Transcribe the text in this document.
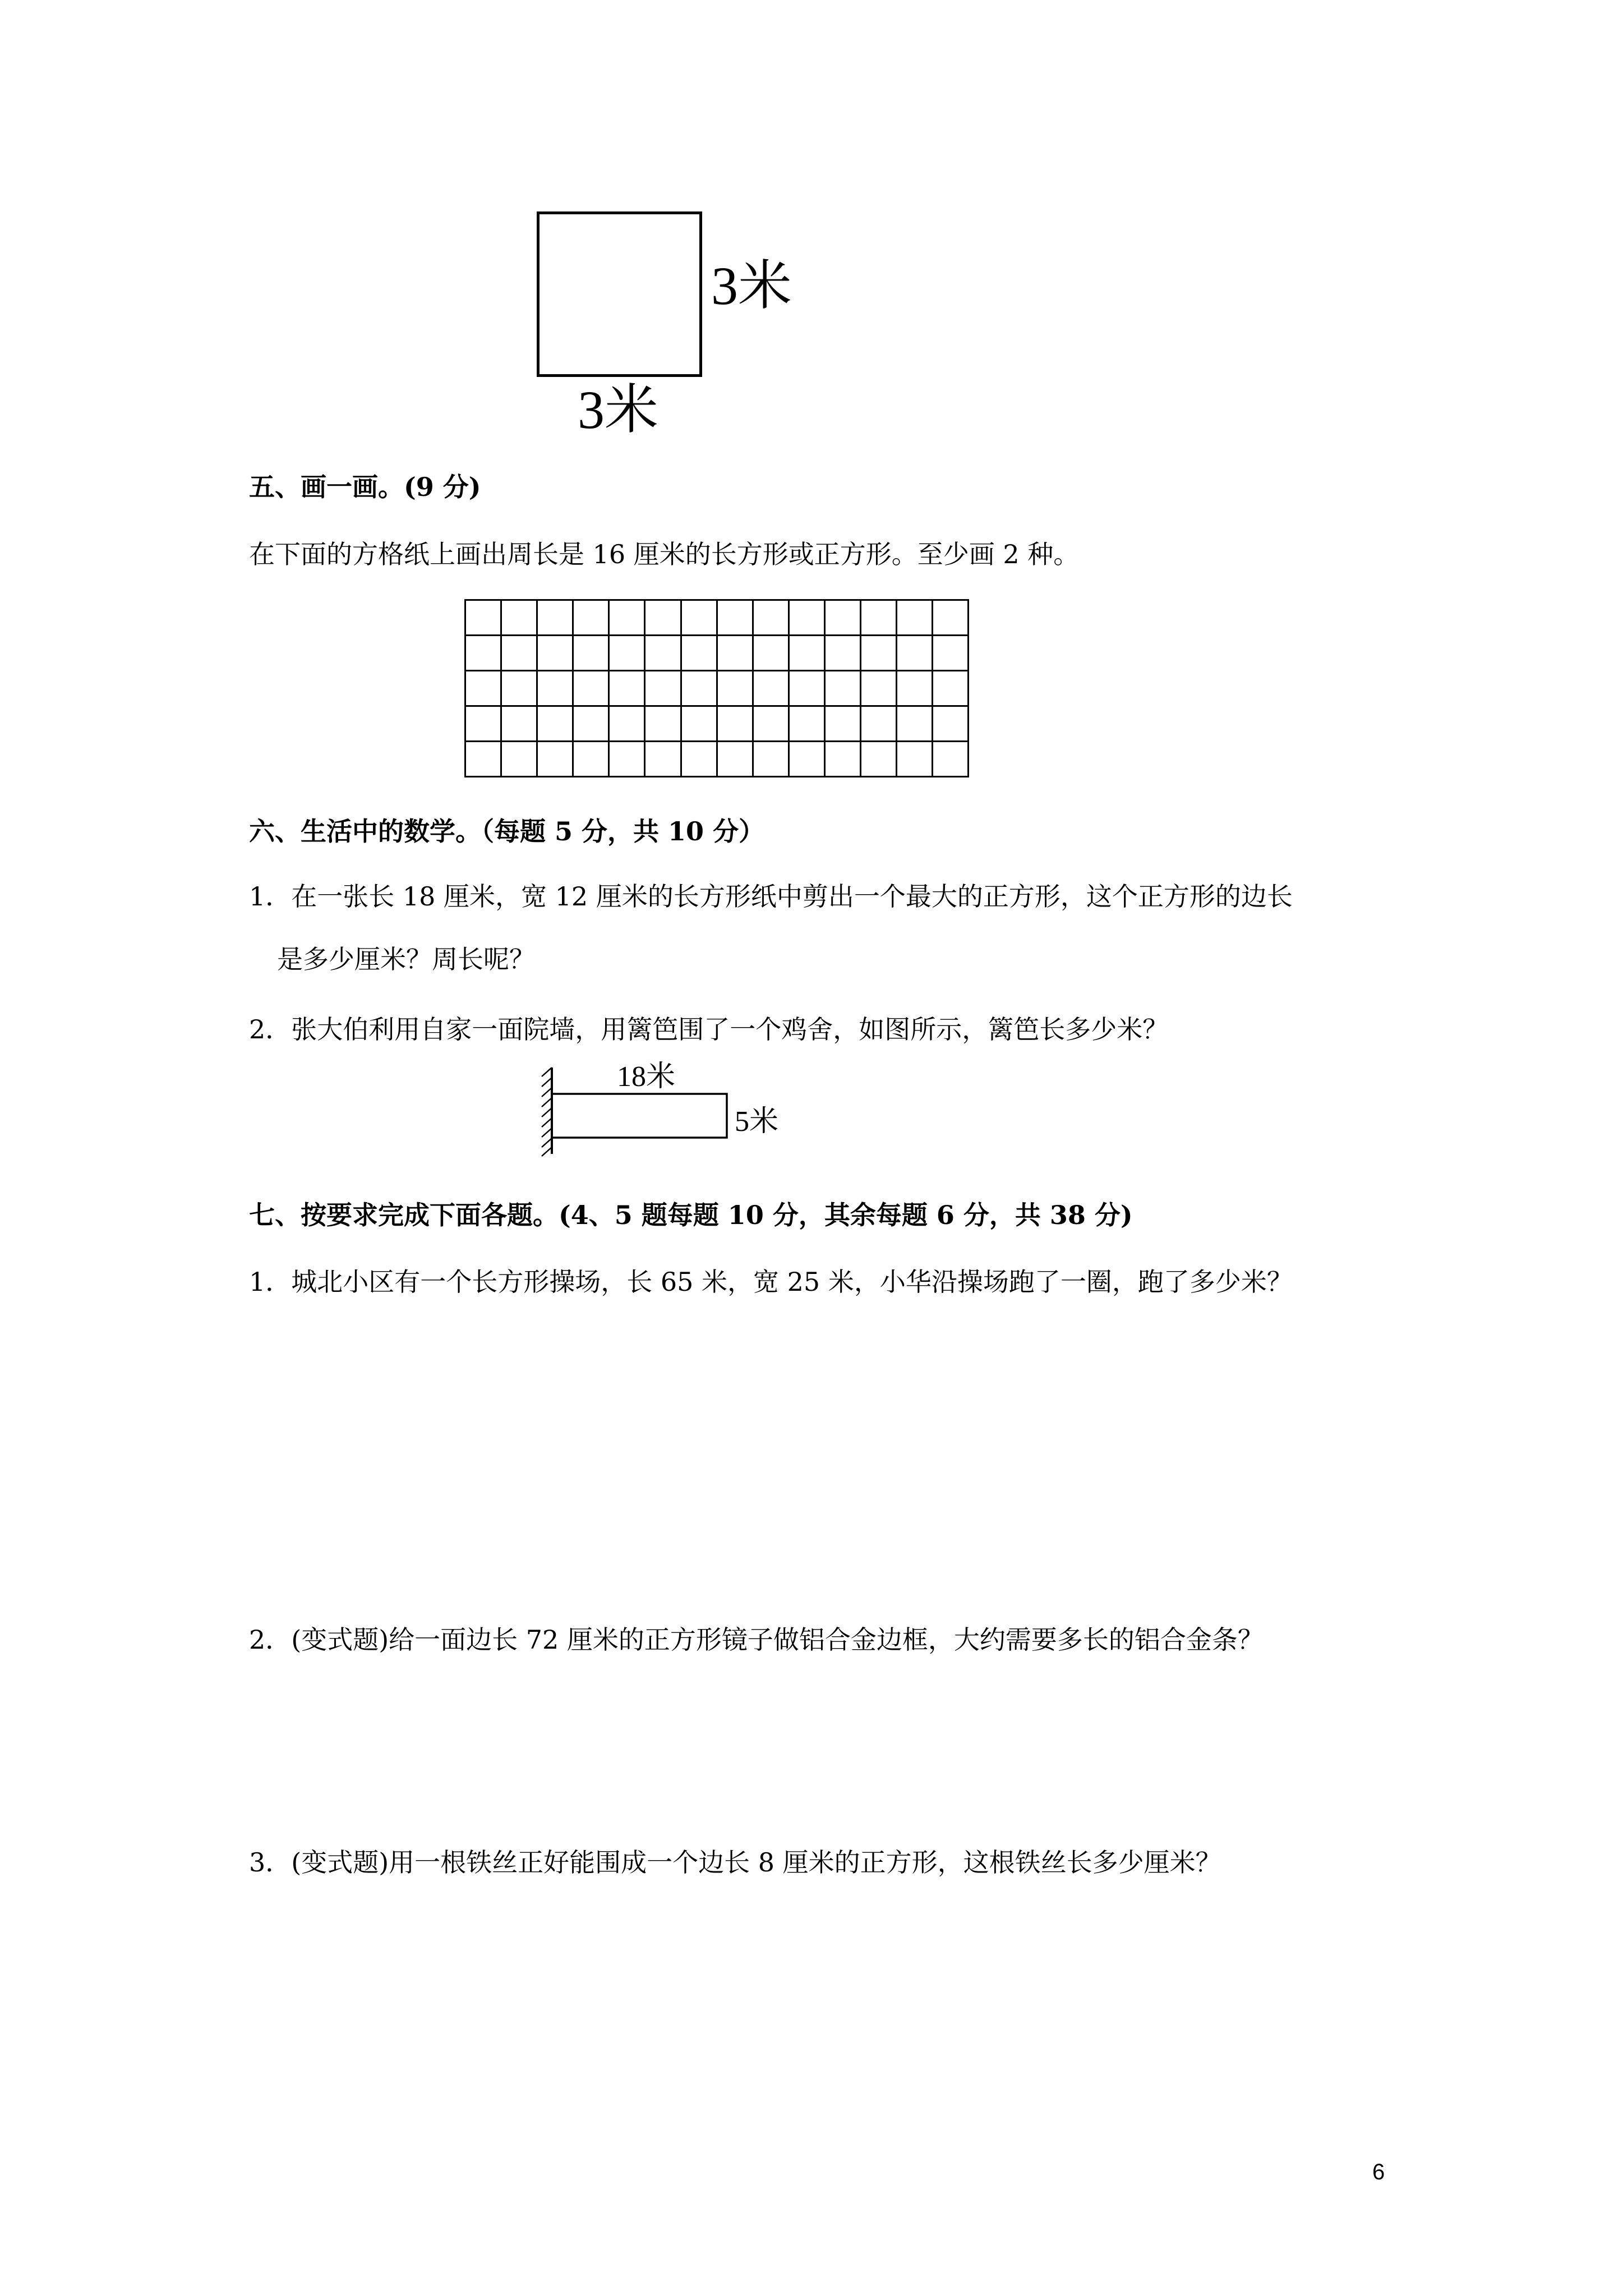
3米
3米
五、画一画。(9 分)
在下面的方格纸上画出周长是 16 厘米的长方形或正方形。至少画 2 种。

六、生活中的数学。（每题 5 分，共 10 分）
1．在一张长 18 厘米，宽 12 厘米的长方形纸中剪出一个最大的正方形，这个正方形的边长
是多少厘米？周长呢？
2．张大伯利用自家一面院墙，用篱笆围了一个鸡舍，如图所示，篱笆长多少米？
18米
5米
七、按要求完成下面各题。(4、5 题每题 10 分，其余每题 6 分，共 38 分)
1．城北小区有一个长方形操场，长 65 米，宽 25 米，小华沿操场跑了一圈，跑了多少米？
2．(变式题)给一面边长 72 厘米的正方形镜子做铝合金边框，大约需要多长的铝合金条？
3．(变式题)用一根铁丝正好能围成一个边长 8 厘米的正方形，这根铁丝长多少厘米？
6
